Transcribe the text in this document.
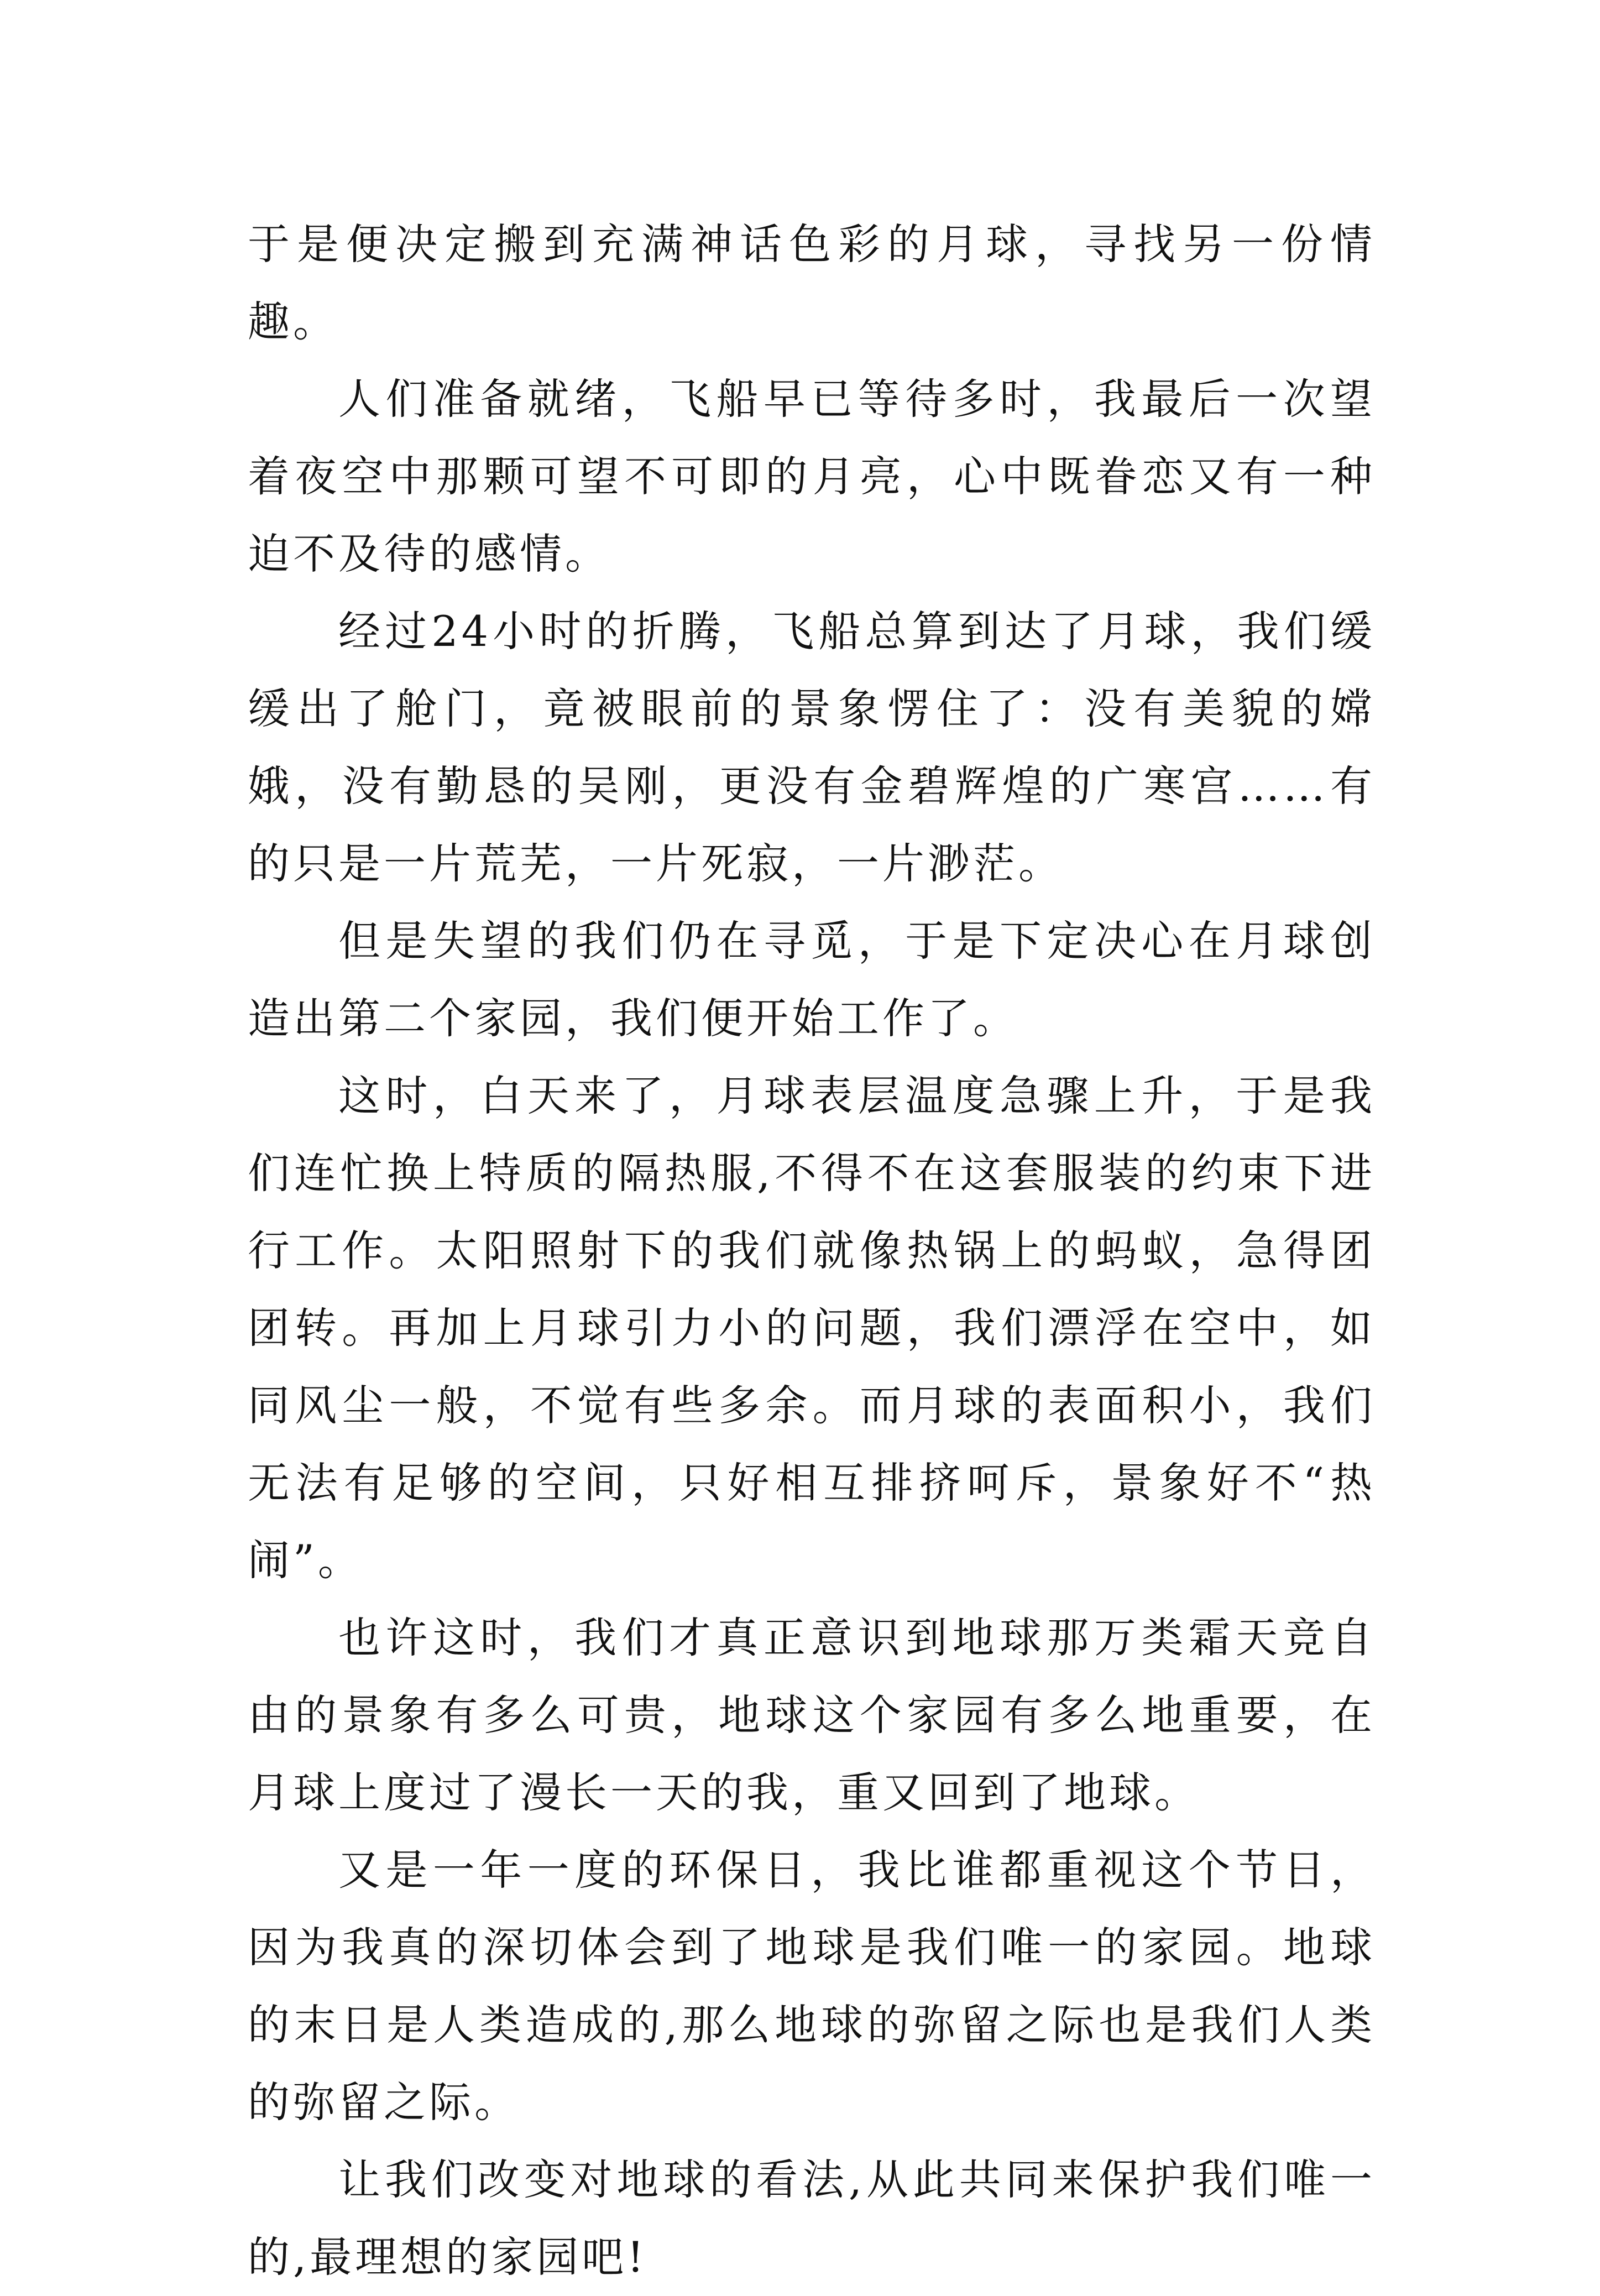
于是便决定搬到充满神话色彩的月球，寻找另一份情趣。

人们准备就绪，飞船早已等待多时，我最后一次望着夜空中那颗可望不可即的月亮，心中既眷恋又有一种迫不及待的感情。

经过24小时的折腾，飞船总算到达了月球，我们缓缓出了舱门，竟被眼前的景象愣住了：没有美貌的嫦娥，没有勤恳的吴刚，更没有金碧辉煌的广寒宫……有的只是一片荒芜，一片死寂，一片渺茫。

但是失望的我们仍在寻觅，于是下定决心在月球创造出第二个家园，我们便开始工作了。

这时，白天来了，月球表层温度急骤上升，于是我们连忙换上特质的隔热服,不得不在这套服装的约束下进行工作。太阳照射下的我们就像热锅上的蚂蚁，急得团团转。再加上月球引力小的问题，我们漂浮在空中，如同风尘一般，不觉有些多余。而月球的表面积小，我们无法有足够的空间，只好相互排挤呵斥，景象好不“热闹”。

也许这时，我们才真正意识到地球那万类霜天竞自由的景象有多么可贵，地球这个家园有多么地重要，在月球上度过了漫长一天的我，重又回到了地球。

又是一年一度的环保日，我比谁都重视这个节日，因为我真的深切体会到了地球是我们唯一的家园。地球的末日是人类造成的,那么地球的弥留之际也是我们人类的弥留之际。

让我们改变对地球的看法,从此共同来保护我们唯一的,最理想的家园吧!
